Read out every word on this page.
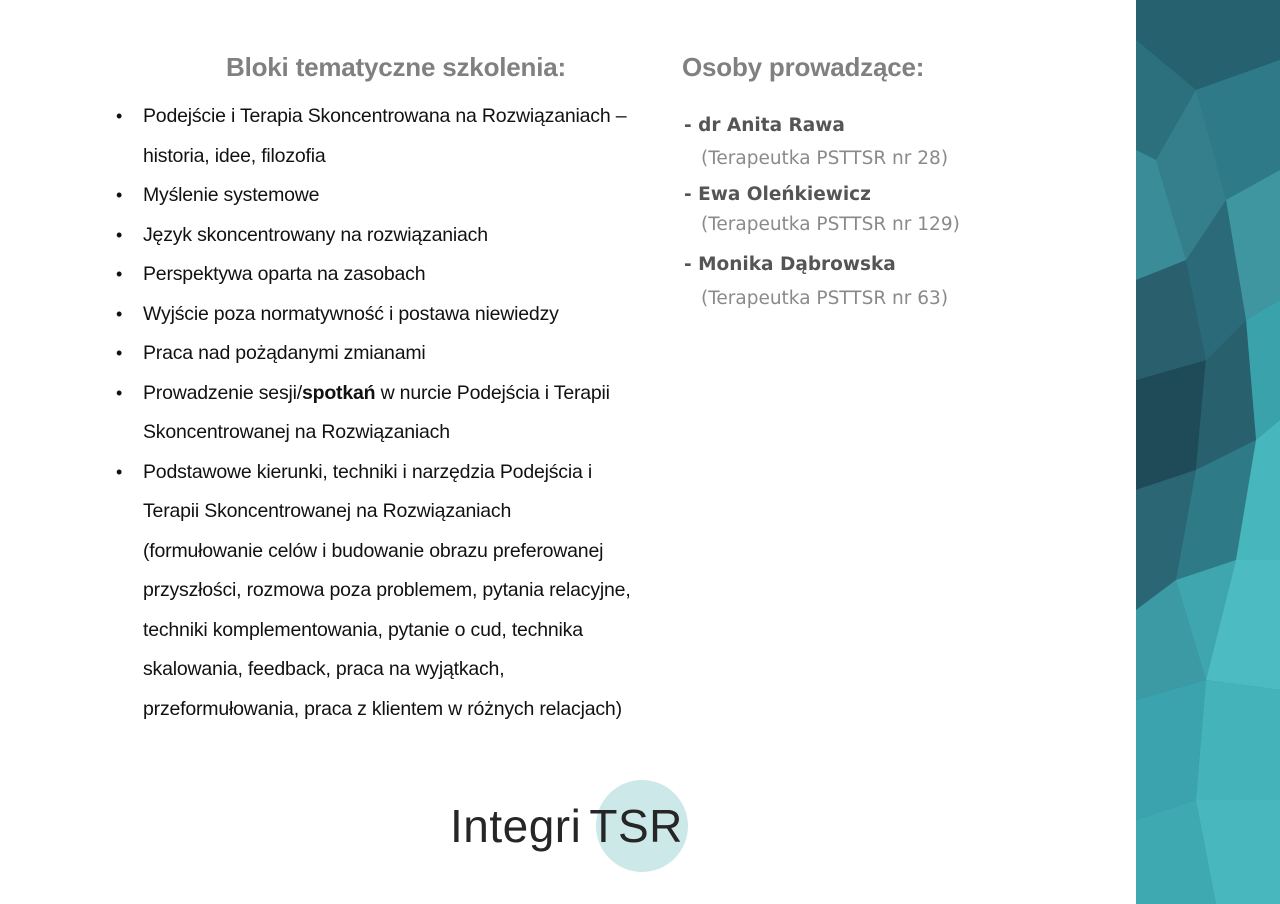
Bloki tematyczne szkolenia:
• Podejście i Terapia Skoncentrowana na Rozwiązaniach –
historia, idee, filozofia
• Myślenie systemowe
• Język skoncentrowany na rozwiązaniach
• Perspektywa oparta na zasobach
• Wyjście poza normatywność i postawa niewiedzy
• Praca nad pożądanymi zmianami
• Prowadzenie sesji/spotkań w nurcie Podejścia i Terapii
Skoncentrowanej na Rozwiązaniach
• Podstawowe kierunki, techniki i narzędzia Podejścia i
Terapii Skoncentrowanej na Rozwiązaniach
(formułowanie celów i budowanie obrazu preferowanej
przyszłości, rozmowa poza problemem, pytania relacyjne,
techniki komplementowania, pytanie o cud, technika
skalowania, feedback, praca na wyjątkach,
przeformułowania, praca z klientem w różnych relacjach)
Osoby prowadzące:

- dr Anita Rawa

(Terapeutka PSTTSR nr 28)

- Ewa Oleńkiewicz

(Terapeutka PSTTSR nr 129)

- Monika Dąbrowska

(Terapeutka PSTTSR nr 63)

Integri TSR
